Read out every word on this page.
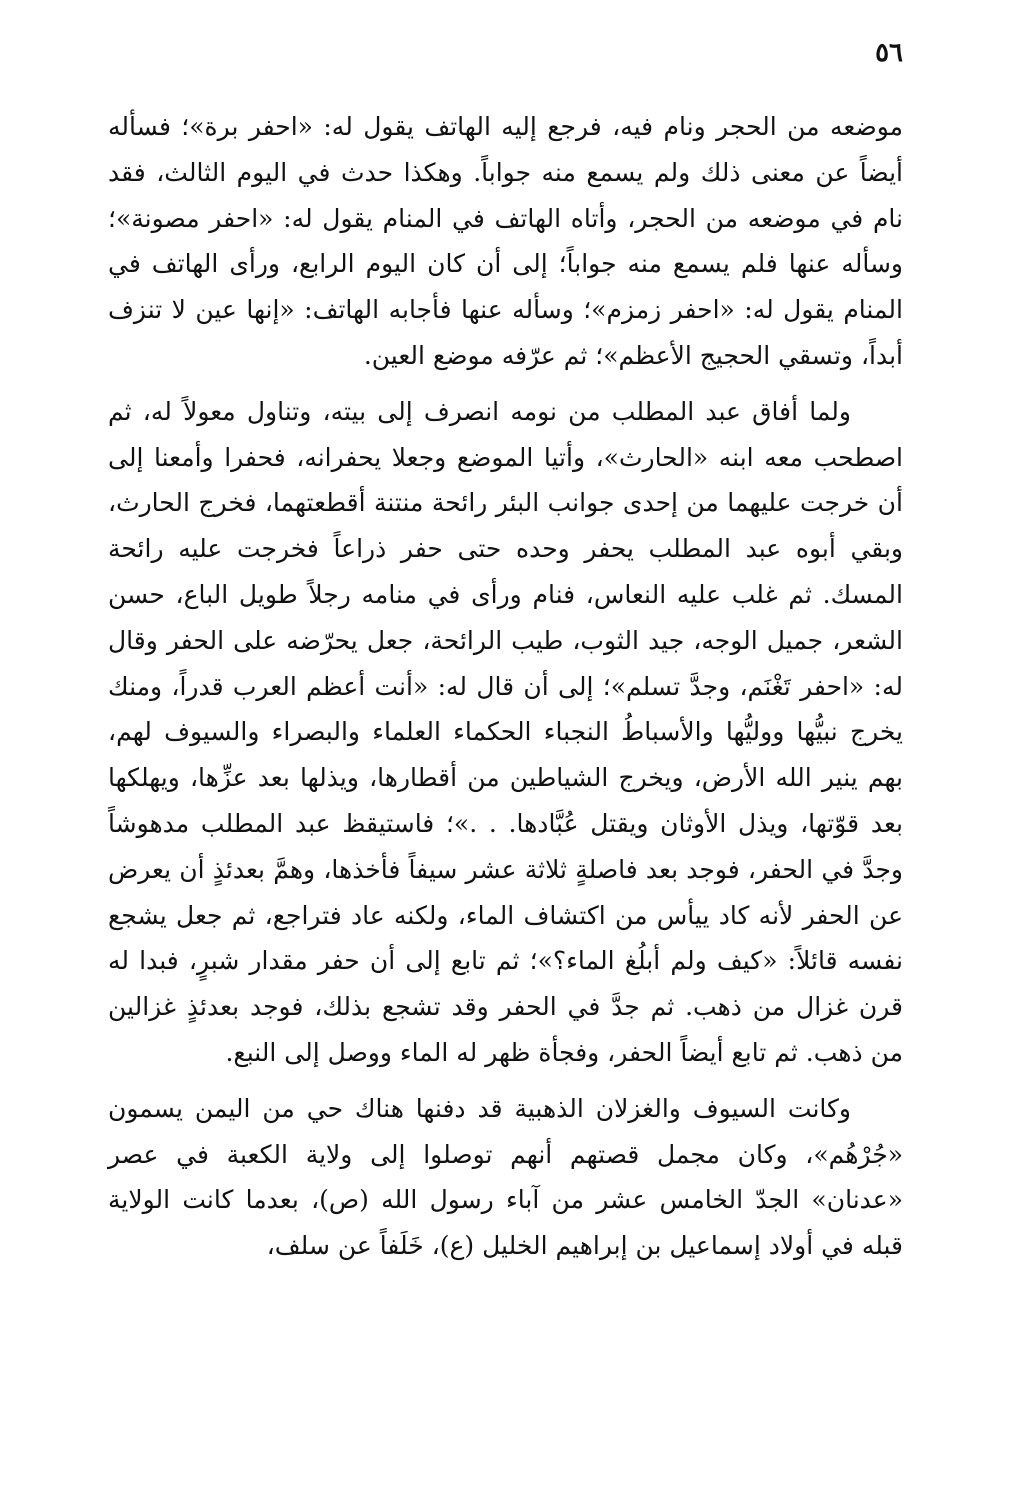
٥٦

موضعه من الحجر ونام فيه، فرجع إليه الهاتف يقول له: «احفر برة»؛ فسأله أيضاً عن معنى ذلك ولم يسمع منه جواباً. وهكذا حدث في اليوم الثالث، فقد نام في موضعه من الحجر، وأتاه الهاتف في المنام يقول له: «احفر مصونة»؛ وسأله عنها فلم يسمع منه جواباً؛ إلى أن كان اليوم الرابع، ورأى الهاتف في المنام يقول له: «احفر زمزم»؛ وسأله عنها فأجابه الهاتف: «إنها عين لا تنزف أبداً، وتسقي الحجيج الأعظم»؛ ثم عرّفه موضع العين.

ولما أفاق عبد المطلب من نومه انصرف إلى بيته، وتناول معولاً له، ثم اصطحب معه ابنه «الحارث»، وأتيا الموضع وجعلا يحفرانه، فحفرا وأمعنا إلى أن خرجت عليهما من إحدى جوانب البئر رائحة منتنة أقطعتهما، فخرج الحارث، وبقي أبوه عبد المطلب يحفر وحده حتى حفر ذراعاً فخرجت عليه رائحة المسك. ثم غلب عليه النعاس، فنام ورأى في منامه رجلاً طويل الباع، حسن الشعر، جميل الوجه، جيد الثوب، طيب الرائحة، جعل يحرّضه على الحفر وقال له: «احفر تَغْنَم، وجدَّ تسلم»؛ إلى أن قال له: «أنت أعظم العرب قدراً، ومنك يخرج نبيُّها ووليُّها والأسباطُ النجباء الحكماء العلماء والبصراء والسيوف لهم، بهم ينير الله الأرض، ويخرج الشياطين من أقطارها، ويذلها بعد عزِّها، ويهلكها بعد قوّتها، ويذل الأوثان ويقتل عُبَّادها. . .»؛ فاستيقظ عبد المطلب مدهوشاً وجدَّ في الحفر، فوجد بعد فاصلةٍ ثلاثة عشر سيفاً فأخذها، وهمَّ بعدئذٍ أن يعرض عن الحفر لأنه كاد ييأس من اكتشاف الماء، ولكنه عاد فتراجع، ثم جعل يشجع نفسه قائلاً: «كيف ولم أبلُغ الماء؟»؛ ثم تابع إلى أن حفر مقدار شبرٍ، فبدا له قرن غزال من ذهب. ثم جدَّ في الحفر وقد تشجع بذلك، فوجد بعدئذٍ غزالين من ذهب. ثم تابع أيضاً الحفر، وفجأة ظهر له الماء ووصل إلى النبع.

وكانت السيوف والغزلان الذهبية قد دفنها هناك حي من اليمن يسمون «جُرْهُم»، وكان مجمل قصتهم أنهم توصلوا إلى ولاية الكعبة في عصر «عدنان» الجدّ الخامس عشر من آباء رسول الله (ص)، بعدما كانت الولاية قبله في أولاد إسماعيل بن إبراهيم الخليل (ع)، خَلَفاً عن سلف،
